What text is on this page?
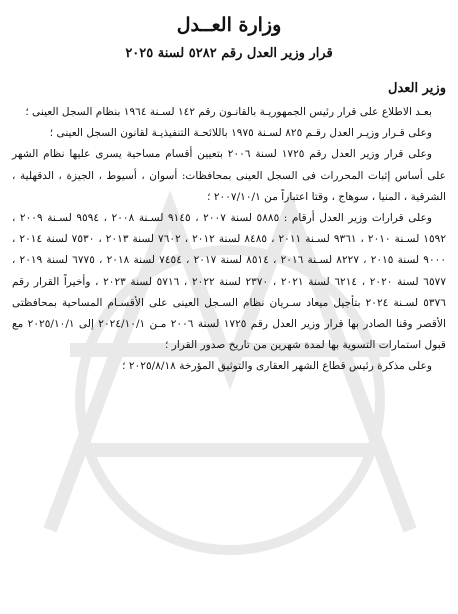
وزارة العــدل
قرار وزير العدل رقم ٥٢٨٢ لسنة ٢٠٢٥
وزير العدل

بعـد الاطلاع على قرار رئيس الجمهوريـة بالقانـون رقم ١٤٢ لسـنة ١٩٦٤ بنظام السجل العينى ؛

وعلى قـرار وزيـر العدل رقـم ٨٢٥ لسـنة ١٩٧٥ باللائحـة التنفيذيـة لقانون السجل العينى ؛

وعلى قرار وزير العدل رقم ١٧٢٥ لسنة ٢٠٠٦ بتعيين أقسام مساحية يسرى عليها نظام الشهر على أساس إثبات المحررات فى السجل العينى بمحافظات: أسوان ، أسيوط ، الجيزة ، الدقهلية ، الشرقية ، المنيا ، سوهاج ، وقتا اعتباراً من ٢٠٠٧/١٠/١ ؛

وعلى قرارات وزير العدل أرقام : ٥٨٨٥ لسنة ٢٠٠٧ ، ٩١٤٥ لسـنة ٢٠٠٨ ، ٩٥٩٤ لسـنة ٢٠٠٩ ، ١٥٩٢ لسـنة ٢٠١٠ ، ٩٣٦١ لسـنة ٢٠١١ ، ٨٤٨٥ لسنة ٢٠١٢ ، ٧٦٠٢ لسنة ٢٠١٣ ، ٧٥٣٠ لسنة ٢٠١٤ ، ٩٠٠٠ لسنة ٢٠١٥ ، ٨٢٢٧ لسـنة ٢٠١٦ ، ٨٥١٤ لسنة ٢٠١٧ ، ٧٤٥٤ لسنة ٢٠١٨ ، ٦٧٧٥ لسنة ٢٠١٩ ، ٦٥٧٧ لسنة ٢٠٢٠ ، ٦٢١٤ لسنة ٢٠٢١ ، ٢٣٧٠ لسنة ٢٠٢٢ ، ٥٧١٦ لسنة ٢٠٢٣ ، وأخيراً القرار رقم ٥٣٧٦ لسـنة ٢٠٢٤ بتأجيل ميعاد سـريان نظام السـجل العينى على الأقسـام المساحية بمحافظتى الأقصر وقنا الصادر بها قرار وزير العدل رقم ١٧٢٥ لسنة ٢٠٠٦ مـن ٢٠٢٤/١٠/١ إلى ٢٠٢٥/١٠/١ مع قبول استمارات التسوية بها لمدة شهرين من تاريخ صدور القرار ؛

وعلى مذكرة رئيس قطاع الشهر العقارى والتوثيق المؤرخة ٢٠٢٥/٨/١٨ ؛
